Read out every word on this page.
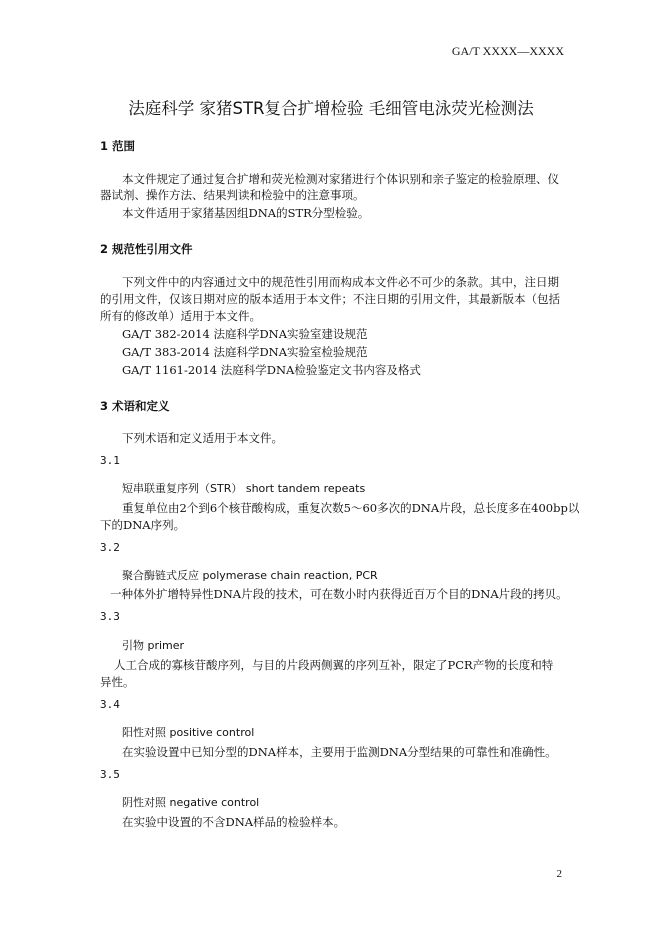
GA/T XXXX—XXXX
法庭科学 家猪STR复合扩增检验 毛细管电泳荧光检测法
1 范围
本文件规定了通过复合扩增和荧光检测对家猪进行个体识别和亲子鉴定的检验原理、仪
器试剂、操作方法、结果判读和检验中的注意事项。
本文件适用于家猪基因组DNA的STR分型检验。
2 规范性引用文件
下列文件中的内容通过文中的规范性引用而构成本文件必不可少的条款。其中，注日期
的引用文件，仅该日期对应的版本适用于本文件；不注日期的引用文件，其最新版本（包括
所有的修改单）适用于本文件。
GA/T 382-2014 法庭科学DNA实验室建设规范
GA/T 383-2014 法庭科学DNA实验室检验规范
GA/T 1161-2014 法庭科学DNA检验鉴定文书内容及格式
3 术语和定义
下列术语和定义适用于本文件。
3.1
短串联重复序列（STR） short tandem repeats
重复单位由2个到6个核苷酸构成，重复次数5～60多次的DNA片段，总长度多在400bp以
下的DNA序列。
3.2
聚合酶链式反应 polymerase chain reaction, PCR
一种体外扩增特异性DNA片段的技术，可在数小时内获得近百万个目的DNA片段的拷贝。
3.3
引物 primer
人工合成的寡核苷酸序列，与目的片段两侧翼的序列互补，限定了PCR产物的长度和特
异性。
3.4
阳性对照 positive control
在实验设置中已知分型的DNA样本，主要用于监测DNA分型结果的可靠性和准确性。
3.5
阴性对照 negative control
在实验中设置的不含DNA样品的检验样本。
2
